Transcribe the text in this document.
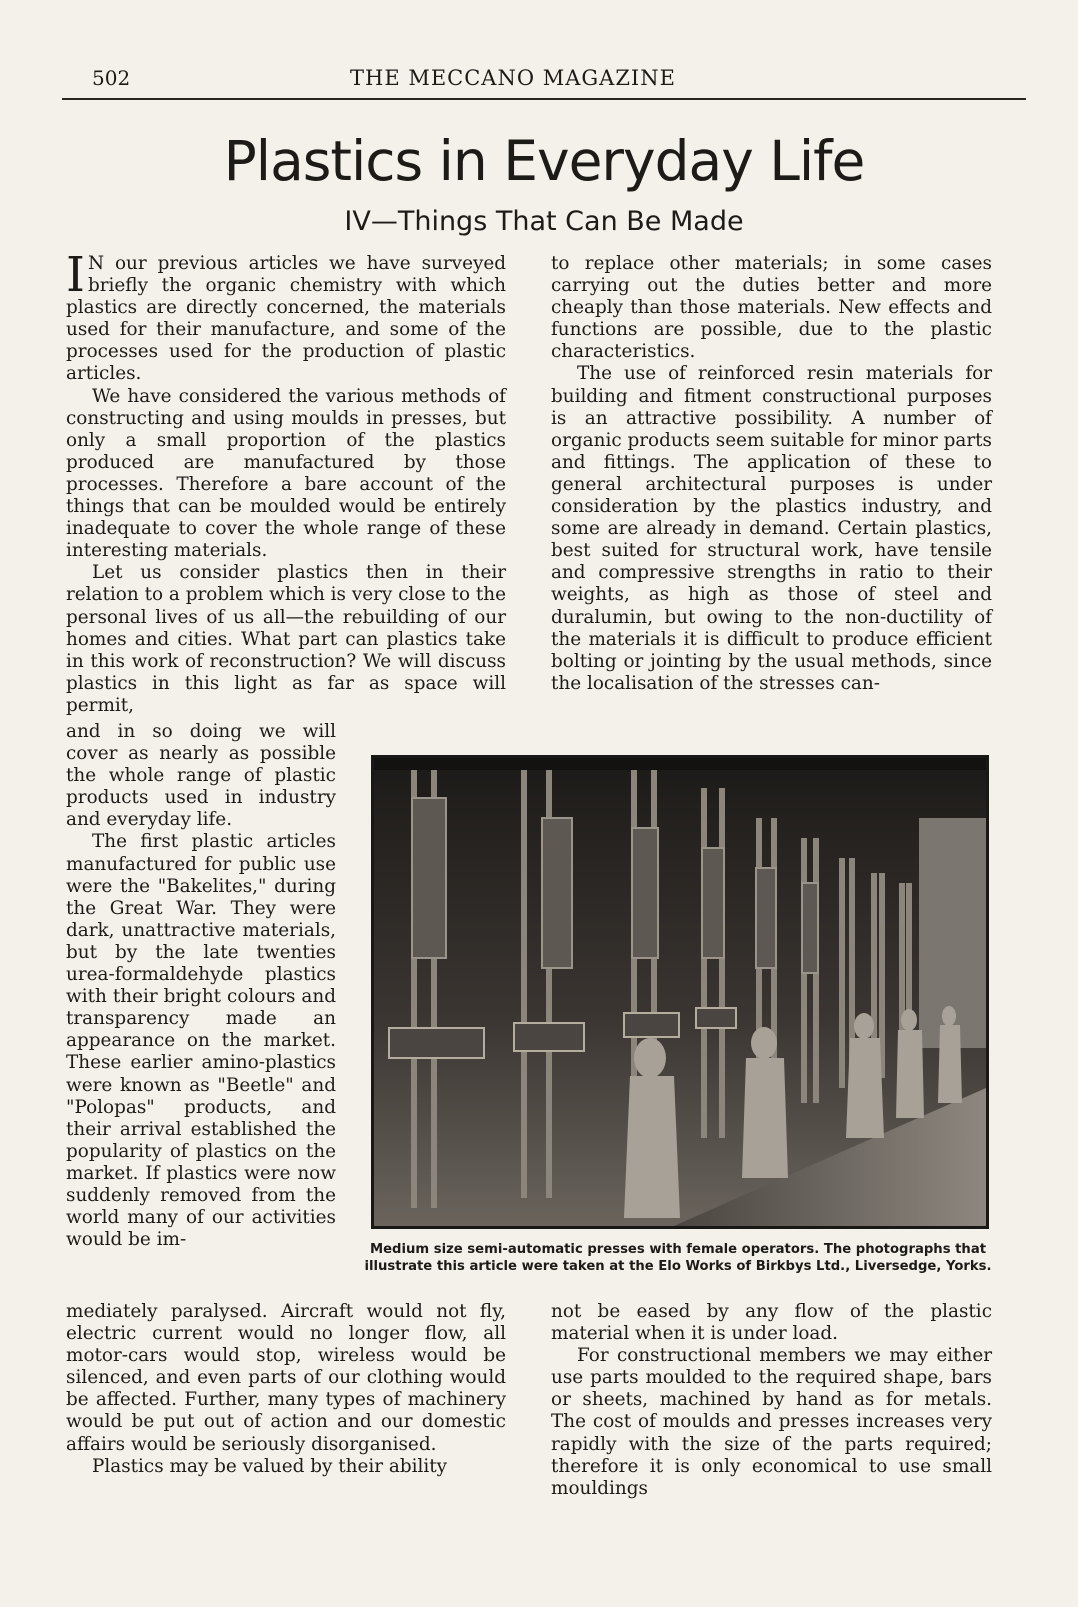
502	THE MECCANO MAGAZINE
Plastics in Everyday Life
IV—Things That Can Be Made

I N our previous articles we have surveyed briefly the organic chemistry with which plastics are directly concerned, the materials used for their manufacture, and some of the processes used for the production of plastic articles.

We have considered the various methods of constructing and using moulds in presses, but only a small proportion of the plastics produced are manufactured by those processes. Therefore a bare account of the things that can be moulded would be entirely inadequate to cover the whole range of these interesting materials.

Let us consider plastics then in their relation to a problem which is very close to the personal lives of us all—the rebuilding of our homes and cities. What part can plastics take in this work of reconstruction? We will discuss plastics in this light as far as space will permit,

and in so doing we will cover as nearly as possible the whole range of plastic products used in industry and everyday life.

The first plastic articles manufactured for public use were the "Bakelites," during the Great War. They were dark, unattractive materials, but by the late twenties urea-formaldehyde plastics with their bright colours and transparency made an appearance on the market. These earlier amino-plastics were known as "Beetle" and "Polopas" products, and their arrival established the popularity of plastics on the market. If plastics were now suddenly removed from the world many of our activities would be im-

mediately paralysed. Aircraft would not fly, electric current would no longer flow, all motor-cars would stop, wireless would be silenced, and even parts of our clothing would be affected. Further, many types of machinery would be put out of action and our domestic affairs would be seriously disorganised.

Plastics may be valued by their ability

to replace other materials; in some cases carrying out the duties better and more cheaply than those materials. New effects and functions are possible, due to the plastic characteristics.

The use of reinforced resin materials for building and fitment constructional purposes is an attractive possibility. A number of organic products seem suitable for minor parts and fittings. The application of these to general architectural purposes is under consideration by the plastics industry, and some are already in demand. Certain plastics, best suited for structural work, have tensile and compressive strengths in ratio to their weights, as high as those of steel and duralumin, but owing to the non-ductility of the materials it is difficult to produce efficient bolting or jointing by the usual methods, since the localisation of the stresses can-

not be eased by any flow of the plastic material when it is under load.

For constructional members we may either use parts moulded to the required shape, bars or sheets, machined by hand as for metals. The cost of moulds and presses increases very rapidly with the size of the parts required; therefore it is only economical to use small mouldings

Medium size semi-automatic presses with female operators. The photographs that illustrate this article were taken at the Elo Works of Birkbys Ltd., Liversedge, Yorks.
